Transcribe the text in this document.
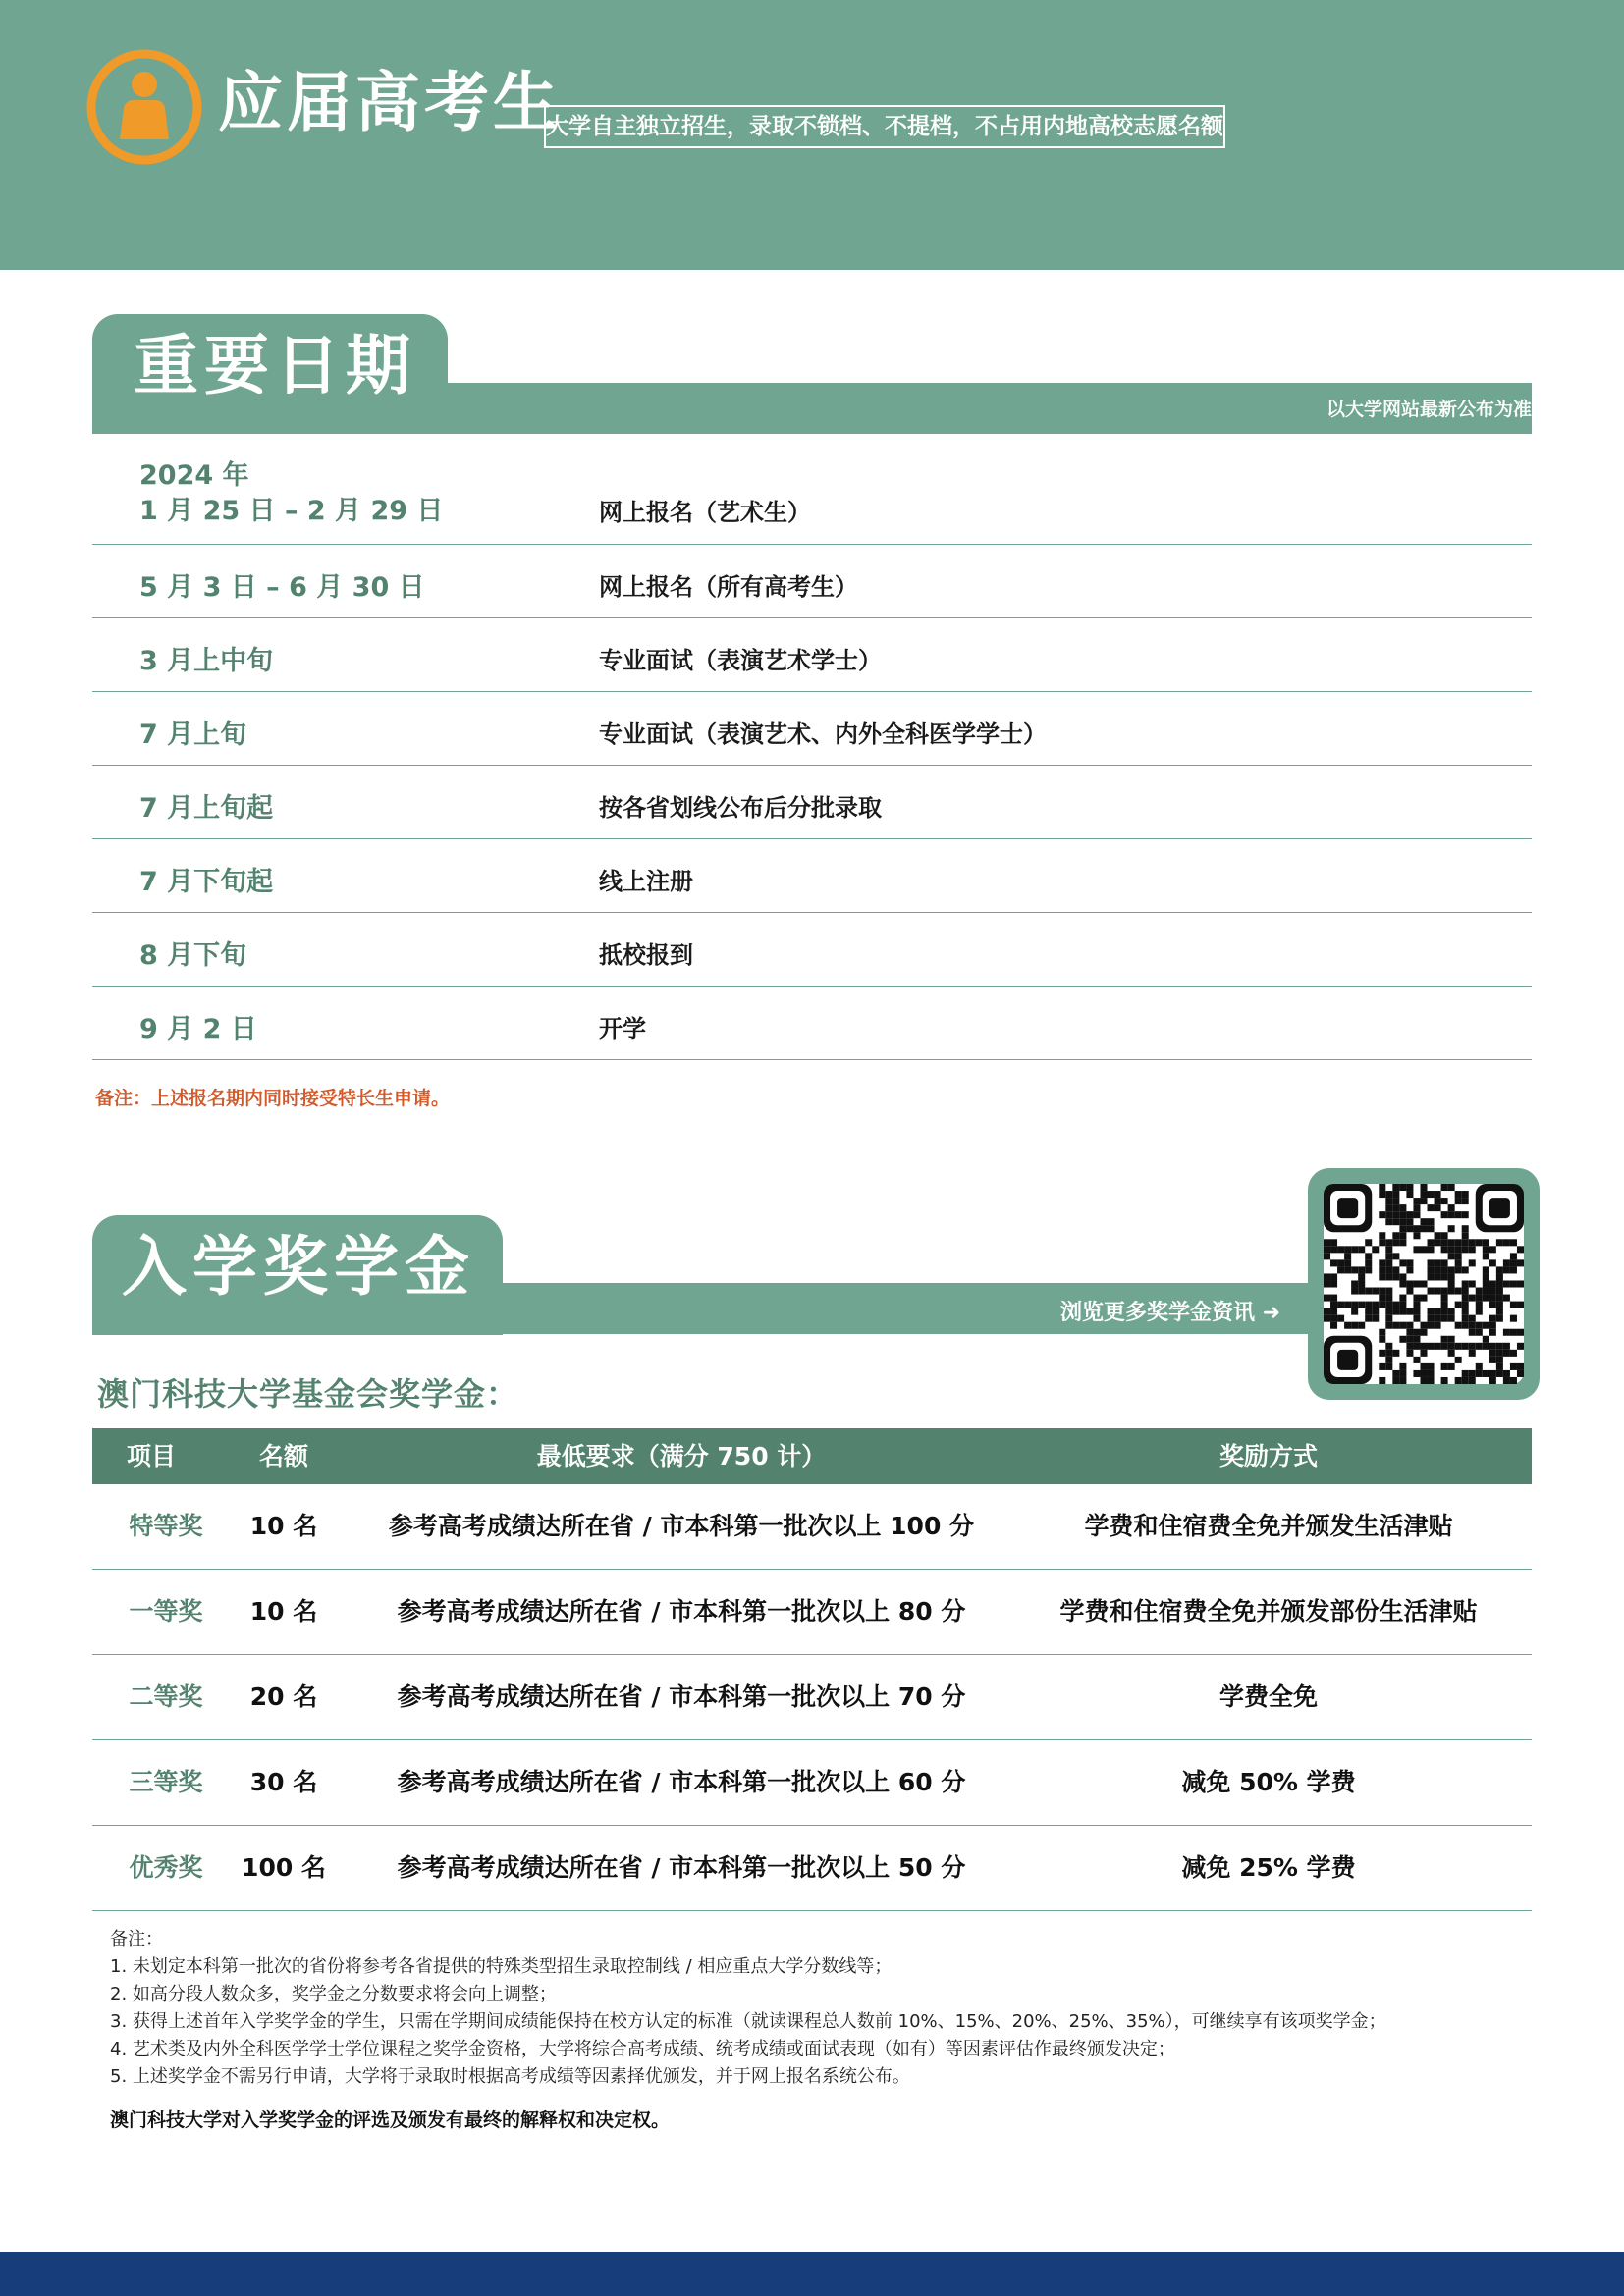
应届高考生
大学自主独立招生，录取不锁档、不提档，不占用内地高校志愿名额
重要日期
以大学网站最新公布为准
2024 年
1 月 25 日 – 2 月 29 日	网上报名（艺术生）
5 月 3 日 – 6 月 30 日	网上报名（所有高考生）
3 月上中旬	专业面试（表演艺术学士）
7 月上旬	专业面试（表演艺术、内外全科医学学士）
7 月上旬起	按各省划线公布后分批录取
7 月下旬起	线上注册
8 月下旬	抵校报到
9 月 2 日	开学
备注：上述报名期内同时接受特长生申请。
入学奖学金
浏览更多奖学金资讯 ➜
澳门科技大学基金会奖学金：
项目	名额	最低要求（满分 750 计）	奖励方式
特等奖	10 名	参考高考成绩达所在省 / 市本科第一批次以上 100 分	学费和住宿费全免并颁发生活津贴
一等奖	10 名	参考高考成绩达所在省 / 市本科第一批次以上 80 分	学费和住宿费全免并颁发部份生活津贴
二等奖	20 名	参考高考成绩达所在省 / 市本科第一批次以上 70 分	学费全免
三等奖	30 名	参考高考成绩达所在省 / 市本科第一批次以上 60 分	减免 50% 学费
优秀奖	100 名	参考高考成绩达所在省 / 市本科第一批次以上 50 分	减免 25% 学费
备注：
1. 未划定本科第一批次的省份将参考各省提供的特殊类型招生录取控制线 / 相应重点大学分数线等；
2. 如高分段人数众多，奖学金之分数要求将会向上调整；
3. 获得上述首年入学奖学金的学生，只需在学期间成绩能保持在校方认定的标准（就读课程总人数前 10%、15%、20%、25%、35%），可继续享有该项奖学金；
4. 艺术类及内外全科医学学士学位课程之奖学金资格，大学将综合高考成绩、统考成绩或面试表现（如有）等因素评估作最终颁发决定；
5. 上述奖学金不需另行申请，大学将于录取时根据高考成绩等因素择优颁发，并于网上报名系统公布。
澳门科技大学对入学奖学金的评选及颁发有最终的解释权和决定权。
